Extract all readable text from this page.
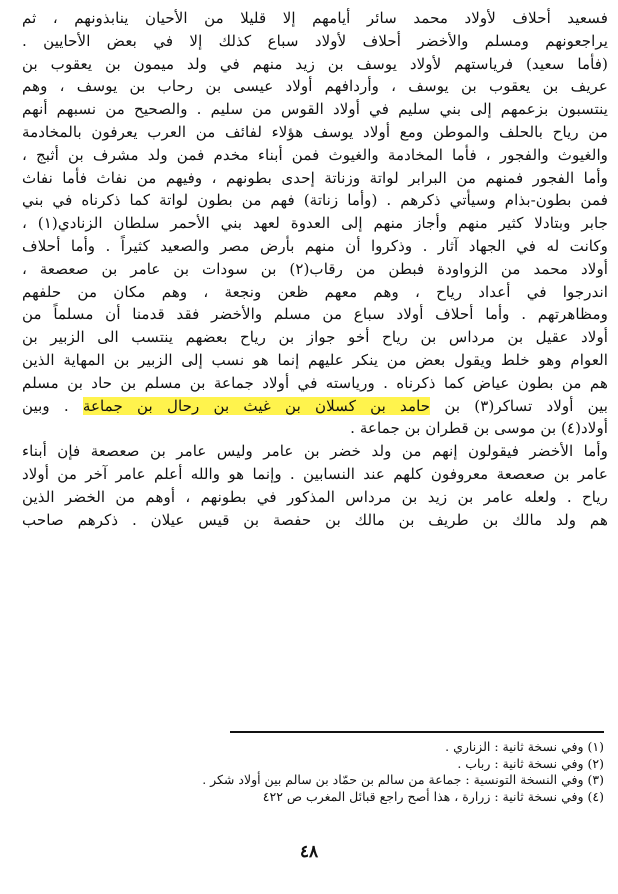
فسعيد أحلاف لأولاد محمد سائر أيامهم إلا قليلا من الأحيان ينابذونهم ، ثم
يراجعونهم ومسلم والأخضر أحلاف لأولاد سباع كذلك إلا في بعض الأحايين .
(فأما سعيد) فرياستهم لأولاد يوسف بن زيد منهم في ولد ميمون بن يعقوب بن
عريف بن يعقوب بن يوسف ، وأردافهم أولاد عيسى بن رحاب بن يوسف ، وهم
ينتسبون بزعمهم إلى بني سليم في أولاد القوس من سليم . والصحيح من نسبهم أنهم
من رياح بالحلف والموطن ومع أولاد يوسف هؤلاء لفائف من العرب يعرفون بالمخادمة
والغيوث والفجور ، فأما المخادمة والغيوث فمن أبناء مخدم فمن ولد مشرف بن أثبج ،
وأما الفجور فمنهم من البرابر لواتة وزناتة إحدى بطونهم ، وفيهم من نفاث فأما نفاث
فمن بطون-بذام وسيأتي ذكرهم . (وأما زناتة) فهم من بطون لواتة كما ذكرناه في بني
جابر وبتادلا كثير منهم وأجاز منهم إلى العدوة لعهد بني الأحمر سلطان الزنادي(١) ،
وكانت له في الجهاد آثار . وذكروا أن منهم بأرض مصر والصعيد كثيراً . وأما أحلاف
أولاد محمد من الزواودة فبطن من رقاب(٢) بن سودات بن عامر بن صعصعة ،
اندرجوا في أعداد رياح ، وهم معهم ظعن ونجعة ، وهم مكان من حلفهم
ومظاهرتهم . وأما أحلاف أولاد سباع من مسلم والأخضر فقد قدمنا أن مسلماً من
أولاد عقيل بن مرداس بن رياح أخو جواز بن رياح بعضهم ينتسب الى الزبير بن
العوام وهو خلط ويقول بعض من ينكر عليهم إنما هو نسب إلى الزبير بن المهاية الذين
هم من بطون عياض كما ذكرناه . ورياسته في أولاد جماعة بن مسلم بن حاد بن مسلم
بين أولاد تساكر(٣) بن حامد بن كسلان بن غيث بن رحال بن جماعة . وبين
أولاد(٤) بن موسى بن قطران بن جماعة .
وأما الأخضر فيقولون إنهم من ولد خضر بن عامر وليس عامر بن صعصعة فإن أبناء
عامر بن صعصعة معروفون كلهم عند النسابين . وإنما هو والله أعلم عامر آخر من أولاد
رياح . ولعله عامر بن زيد بن مرداس المذكور في بطونهم ، أوهم من الخضر الذين
هم ولد مالك بن طريف بن مالك بن حفصة بن قيس عيلان . ذكرهم صاحب
(١) وفي نسخة ثانية : الزناري .
(٢) وفي نسخة ثانية : رباب .
(٣) وفي النسخة التونسية : جماعة من سالم بن حمّاد بن سالم بين أولاد شكر .
(٤) وفي نسخة ثانية : زرارة ، هذا أصح راجع قبائل المغرب ص ٤٢٢
٤٨
